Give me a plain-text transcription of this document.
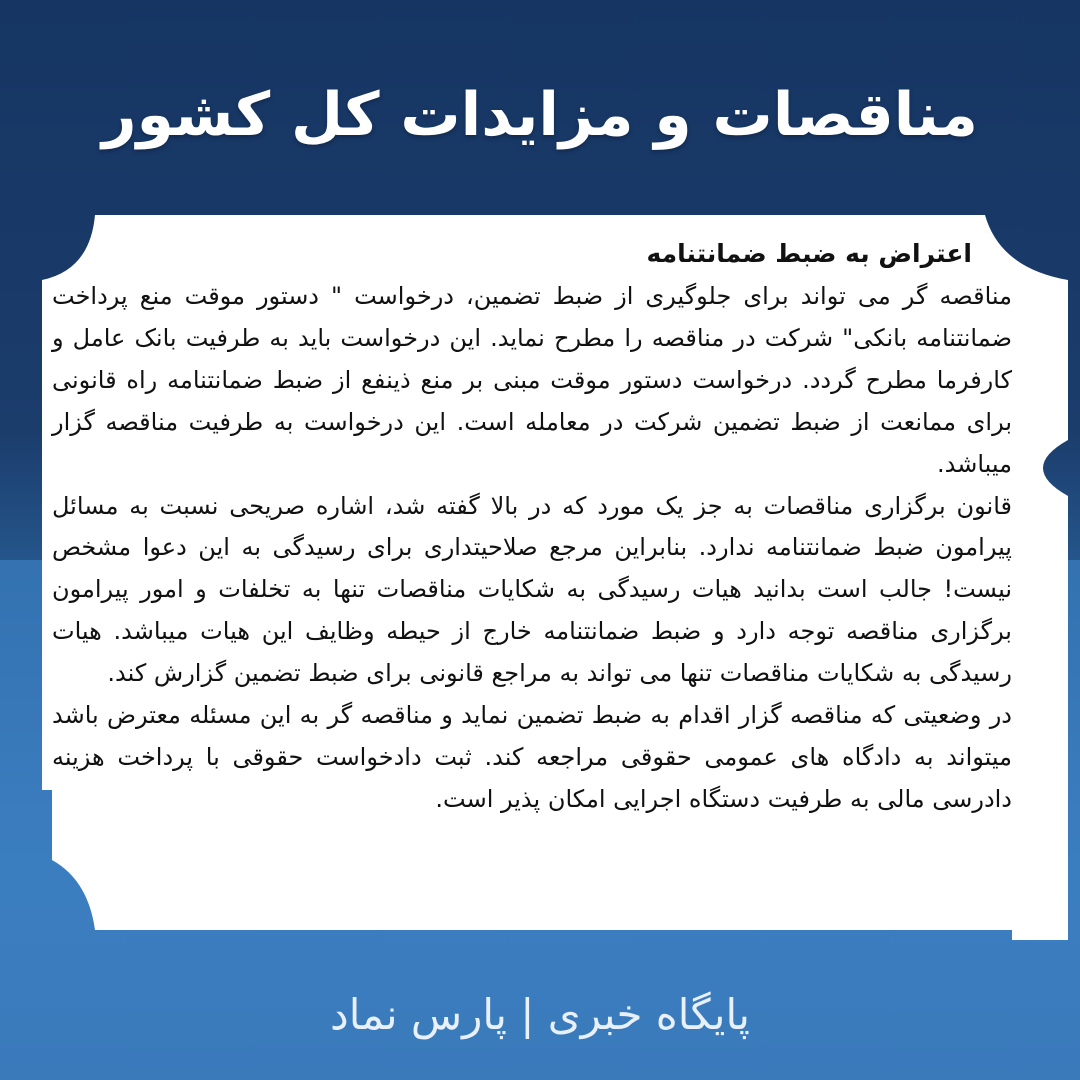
مناقصات و مزایدات کل کشور
اعتراض به ضبط ضمانتنامه

مناقصه گر می تواند برای جلوگیری از ضبط تضمین، درخواست " دستور موقت منع پرداخت ضمانتنامه بانکی" شرکت در مناقصه را مطرح نماید. این درخواست باید به طرفیت بانک عامل و کارفرما مطرح گردد. درخواست دستور موقت مبنی بر منع ذینفع از ضبط ضمانتنامه راه قانونی برای ممانعت از ضبط تضمین شرکت در معامله است. این درخواست به طرفیت مناقصه گزار میباشد.

قانون برگزاری مناقصات به جز یک مورد که در بالا گفته شد، اشاره صریحی نسبت به مسائل پیرامون ضبط ضمانتنامه ندارد. بنابراین مرجع صلاحیتداری برای رسیدگی به این دعوا مشخص نیست! جالب است بدانید هیات رسیدگی به شکایات مناقصات تنها به تخلفات و امور پیرامون برگزاری مناقصه توجه دارد و ضبط ضمانتنامه خارج از حیطه وظایف این هیات میباشد. هیات رسیدگی به شکایات مناقصات تنها می تواند به مراجع قانونی برای ضبط تضمین گزارش کند.

در وضعیتی که مناقصه گزار اقدام به ضبط تضمین نماید و مناقصه گر به این مسئله معترض باشد میتواند به دادگاه های عمومی حقوقی مراجعه کند. ثبت دادخواست حقوقی با پرداخت هزینه دادرسی مالی به طرفیت دستگاه اجرایی امکان پذیر است.

پایگاه خبری | پارس نماد
